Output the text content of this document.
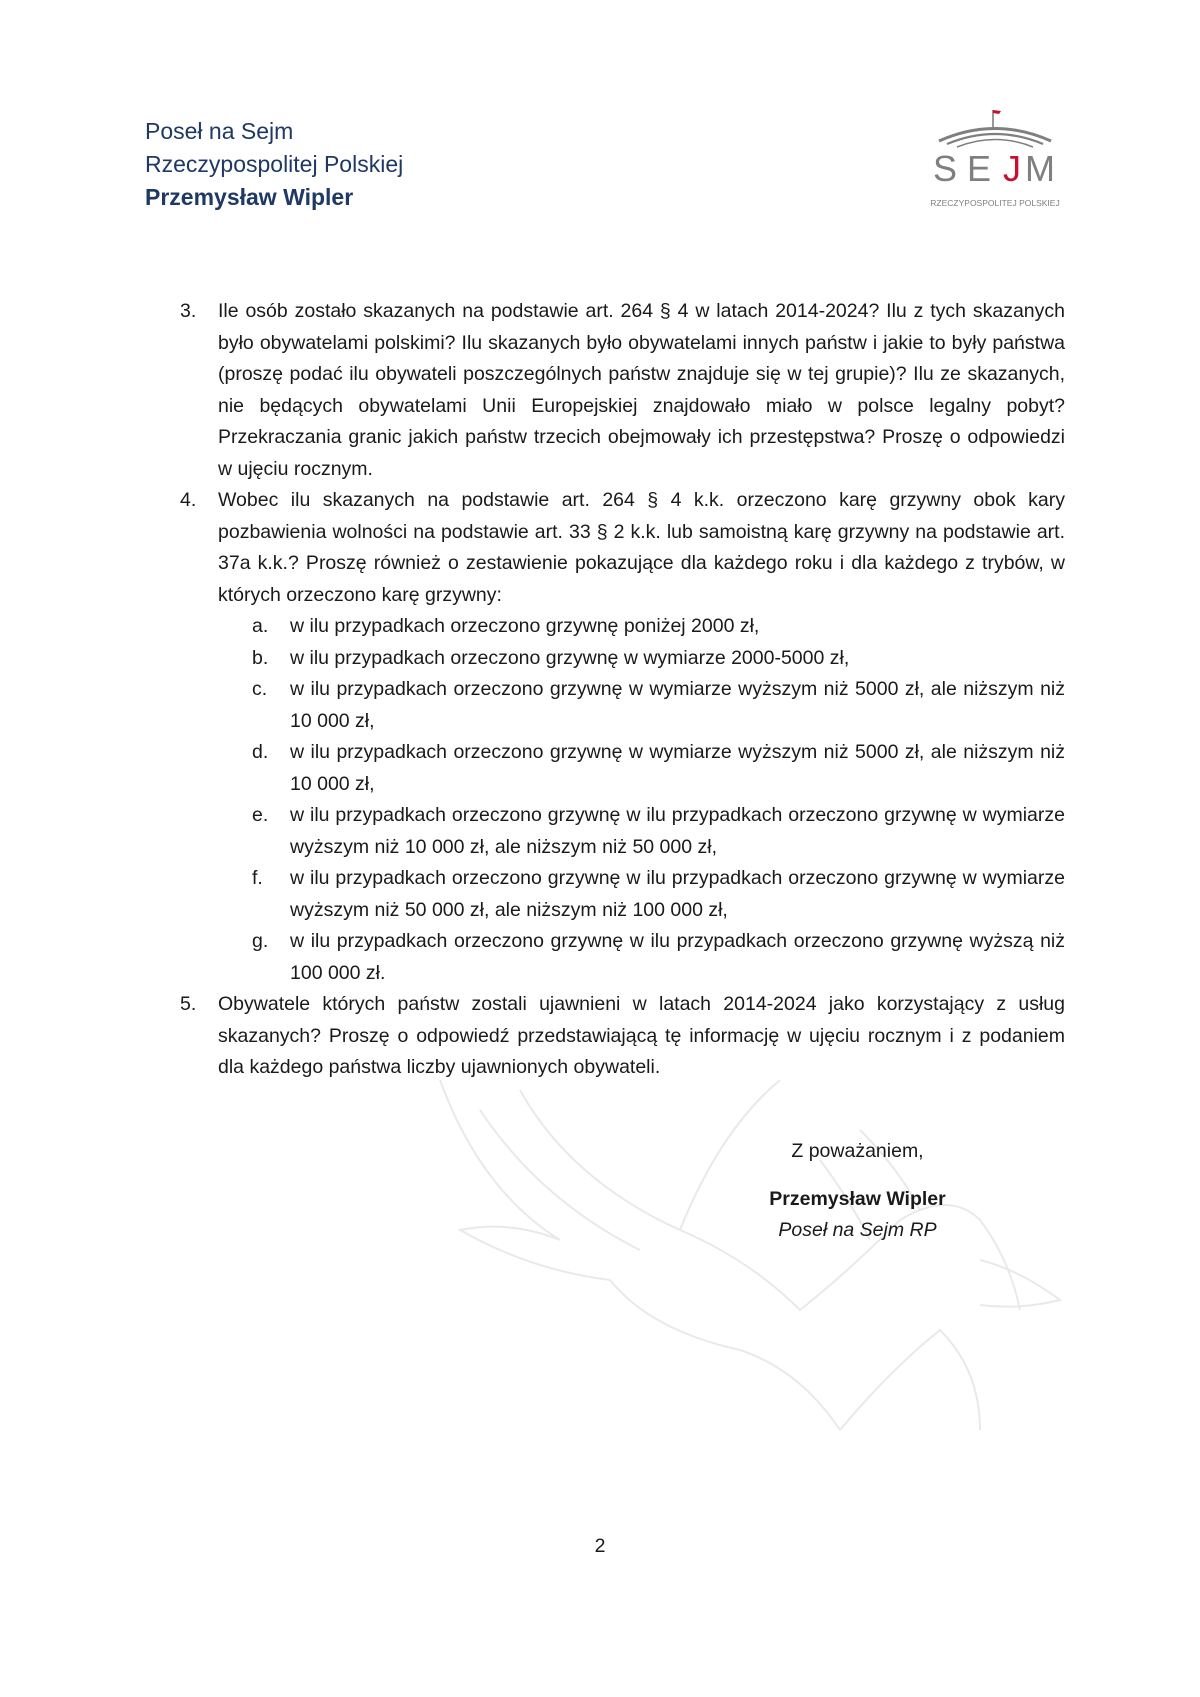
Poseł na Sejm
Rzeczypospolitej Polskiej
Przemysław Wipler
S E J M
RZECZYPOSPOLITEJ POLSKIEJ
3. Ile osób zostało skazanych na podstawie art. 264 § 4 w latach 2014-2024? Ilu z tych skazanych było obywatelami polskimi? Ilu skazanych było obywatelami innych państw i jakie to były państwa (proszę podać ilu obywateli poszczególnych państw znajduje się w tej grupie)? Ilu ze skazanych, nie będących obywatelami Unii Europejskiej znajdowało miało w polsce legalny pobyt? Przekraczania granic jakich państw trzecich obejmowały ich przestępstwa? Proszę o odpowiedzi w ujęciu rocznym.
4. Wobec ilu skazanych na podstawie art. 264 § 4 k.k. orzeczono karę grzywny obok kary pozbawienia wolności na podstawie art. 33 § 2 k.k. lub samoistną karę grzywny na podstawie art. 37a k.k.? Proszę również o zestawienie pokazujące dla każdego roku i dla każdego z trybów, w których orzeczono karę grzywny:
a. w ilu przypadkach orzeczono grzywnę poniżej 2000 zł,
b. w ilu przypadkach orzeczono grzywnę w wymiarze 2000-5000 zł,
c. w ilu przypadkach orzeczono grzywnę w wymiarze wyższym niż 5000 zł, ale niższym niż 10 000 zł,
d. w ilu przypadkach orzeczono grzywnę w wymiarze wyższym niż 5000 zł, ale niższym niż 10 000 zł,
e. w ilu przypadkach orzeczono grzywnę w ilu przypadkach orzeczono grzywnę w wymiarze wyższym niż 10 000 zł, ale niższym niż 50 000 zł,
f. w ilu przypadkach orzeczono grzywnę w ilu przypadkach orzeczono grzywnę w wymiarze wyższym niż 50 000 zł, ale niższym niż 100 000 zł,
g. w ilu przypadkach orzeczono grzywnę w ilu przypadkach orzeczono grzywnę wyższą niż 100 000 zł.
5. Obywatele których państw zostali ujawnieni w latach 2014-2024 jako korzystający z usług skazanych? Proszę o odpowiedź przedstawiającą tę informację w ujęciu rocznym i z podaniem dla każdego państwa liczby ujawnionych obywateli.
Z poważaniem,
Przemysław Wipler
Poseł na Sejm RP
2
